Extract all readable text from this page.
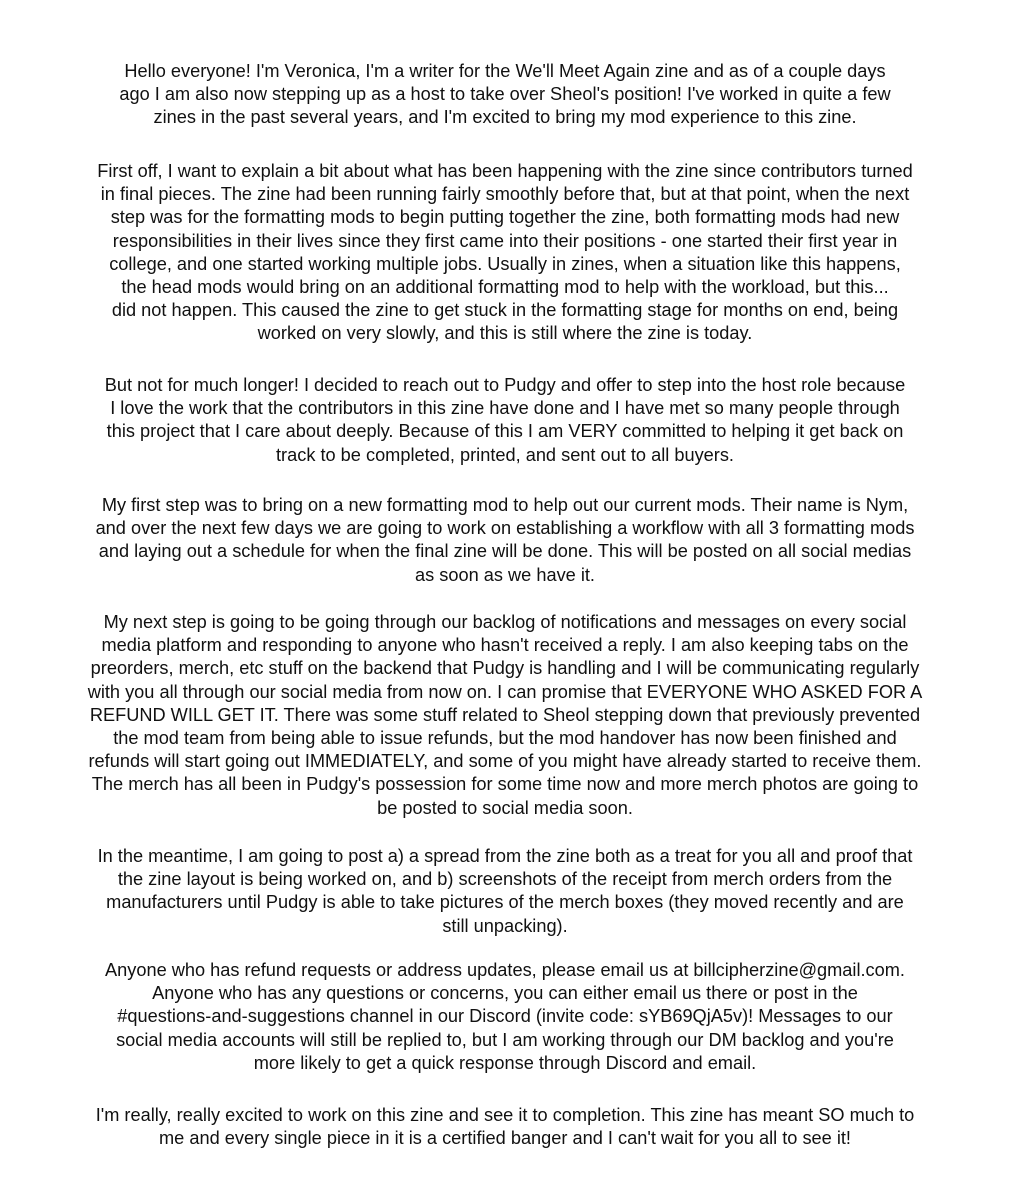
Hello everyone! I'm Veronica, I'm a writer for the We'll Meet Again zine and as of a couple days
ago I am also now stepping up as a host to take over Sheol's position! I've worked in quite a few
zines in the past several years, and I'm excited to bring my mod experience to this zine.

First off, I want to explain a bit about what has been happening with the zine since contributors turned
in final pieces. The zine had been running fairly smoothly before that, but at that point, when the next
step was for the formatting mods to begin putting together the zine, both formatting mods had new
responsibilities in their lives since they first came into their positions - one started their first year in
college, and one started working multiple jobs. Usually in zines, when a situation like this happens,
the head mods would bring on an additional formatting mod to help with the workload, but this...
did not happen. This caused the zine to get stuck in the formatting stage for months on end, being
worked on very slowly, and this is still where the zine is today.

But not for much longer! I decided to reach out to Pudgy and offer to step into the host role because
I love the work that the contributors in this zine have done and I have met so many people through
this project that I care about deeply. Because of this I am VERY committed to helping it get back on
track to be completed, printed, and sent out to all buyers.

My first step was to bring on a new formatting mod to help out our current mods. Their name is Nym,
and over the next few days we are going to work on establishing a workflow with all 3 formatting mods
and laying out a schedule for when the final zine will be done. This will be posted on all social medias
as soon as we have it.

My next step is going to be going through our backlog of notifications and messages on every social
media platform and responding to anyone who hasn't received a reply. I am also keeping tabs on the
preorders, merch, etc stuff on the backend that Pudgy is handling and I will be communicating regularly
with you all through our social media from now on. I can promise that EVERYONE WHO ASKED FOR A
REFUND WILL GET IT. There was some stuff related to Sheol stepping down that previously prevented
the mod team from being able to issue refunds, but the mod handover has now been finished and
refunds will start going out IMMEDIATELY, and some of you might have already started to receive them.
The merch has all been in Pudgy's possession for some time now and more merch photos are going to
be posted to social media soon.

In the meantime, I am going to post a) a spread from the zine both as a treat for you all and proof that
the zine layout is being worked on, and b) screenshots of the receipt from merch orders from the
manufacturers until Pudgy is able to take pictures of the merch boxes (they moved recently and are
still unpacking).

Anyone who has refund requests or address updates, please email us at billcipherzine@gmail.com.
Anyone who has any questions or concerns, you can either email us there or post in the
#questions-and-suggestions channel in our Discord (invite code: sYB69QjA5v)! Messages to our
social media accounts will still be replied to, but I am working through our DM backlog and you're
more likely to get a quick response through Discord and email.

I'm really, really excited to work on this zine and see it to completion. This zine has meant SO much to
me and every single piece in it is a certified banger and I can't wait for you all to see it!
